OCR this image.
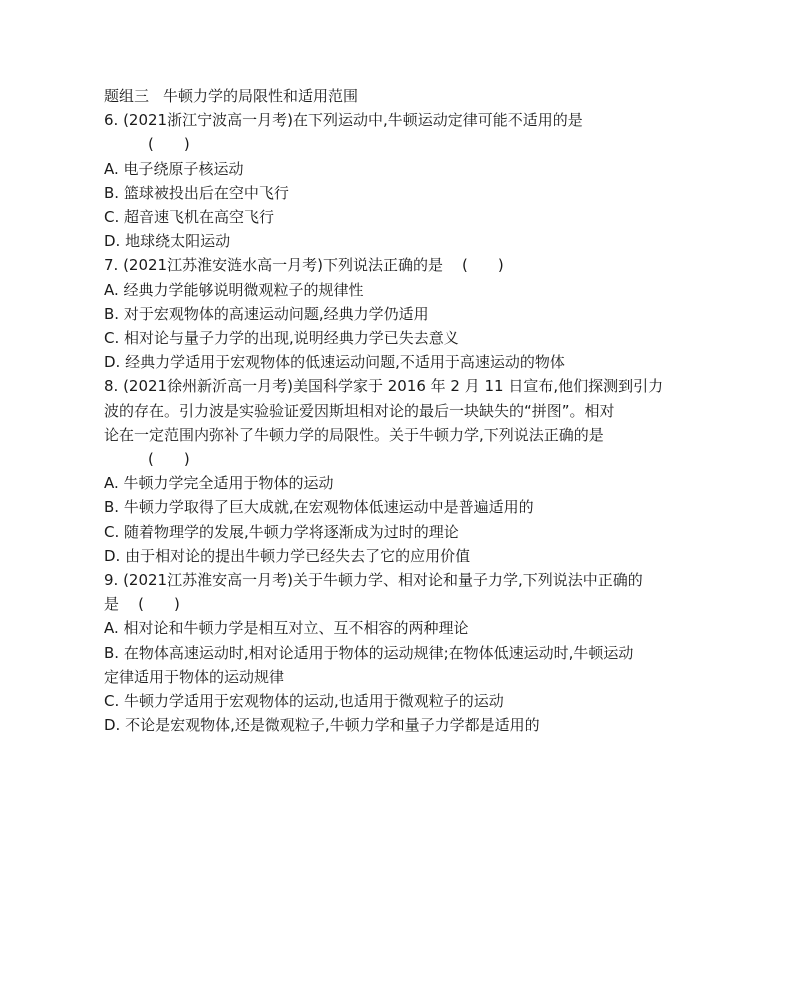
题组三 牛顿力学的局限性和适用范围
6. (2021浙江宁波高一月考)在下列运动中,牛顿运动定律可能不适用的是
(　　)
A. 电子绕原子核运动
B. 篮球被投出后在空中飞行
C. 超音速飞机在高空飞行
D. 地球绕太阳运动
7. (2021江苏淮安涟水高一月考)下列说法正确的是 (　　)
A. 经典力学能够说明微观粒子的规律性
B. 对于宏观物体的高速运动问题,经典力学仍适用
C. 相对论与量子力学的出现,说明经典力学已失去意义
D. 经典力学适用于宏观物体的低速运动问题,不适用于高速运动的物体
8. (2021徐州新沂高一月考)美国科学家于 2016 年 2 月 11 日宣布,他们探测到引力
波的存在。引力波是实验验证爱因斯坦相对论的最后一块缺失的“拼图”。相对
论在一定范围内弥补了牛顿力学的局限性。关于牛顿力学,下列说法正确的是
(　　)
A. 牛顿力学完全适用于物体的运动
B. 牛顿力学取得了巨大成就,在宏观物体低速运动中是普遍适用的
C. 随着物理学的发展,牛顿力学将逐渐成为过时的理论
D. 由于相对论的提出牛顿力学已经失去了它的应用价值
9. (2021江苏淮安高一月考)关于牛顿力学、相对论和量子力学,下列说法中正确的
是 (　　)
A. 相对论和牛顿力学是相互对立、互不相容的两种理论
B. 在物体高速运动时,相对论适用于物体的运动规律;在物体低速运动时,牛顿运动
定律适用于物体的运动规律
C. 牛顿力学适用于宏观物体的运动,也适用于微观粒子的运动
D. 不论是宏观物体,还是微观粒子,牛顿力学和量子力学都是适用的
